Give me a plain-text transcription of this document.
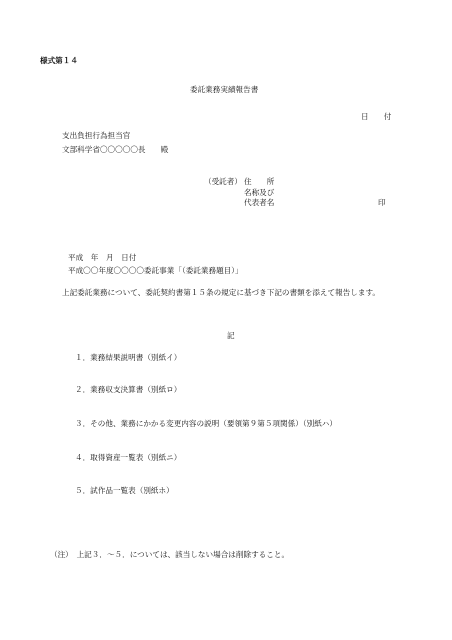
様式第１４
委託業務実績報告書
日　　付
支出負担行為担当官
文部科学省〇〇〇〇〇長　　殿
（受託者） 住　　所
名称及び
代表者名	印
平成　年　月　日付
平成〇〇年度〇〇〇〇委託事業「（委託業務題目）」
上記委託業務について、委託契約書第１５条の規定に基づき下記の書類を添えて報告します。
記
１．業務結果説明書（別紙イ）
２．業務収支決算書（別紙ロ）
３．その他、業務にかかる変更内容の説明（要領第９第５項関係）（別紙ハ）
４．取得資産一覧表（別紙ニ）
５．試作品一覧表（別紙ホ）
（注）　上記３．～５．については、該当しない場合は削除すること。
